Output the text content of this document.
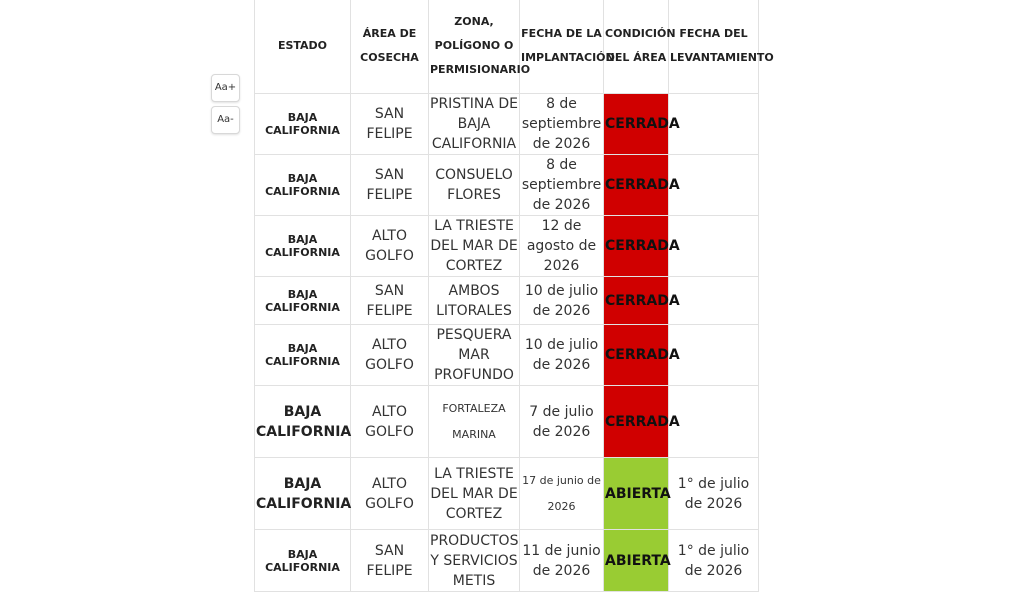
Aa+
Aa-
ESTADO	ÁREA DE COSECHA	ZONA, POLÍGONO O PERMISIONARIO	FECHA DE LA IMPLANTACIÓN	CONDICIÓN DEL ÁREA	FECHA DEL LEVANTAMIENTO
BAJA CALIFORNIA	SAN FELIPE	PRISTINA DE BAJA CALIFORNIA	8 de septiembre de 2026	CERRADA	
BAJA CALIFORNIA	SAN FELIPE	CONSUELO FLORES	8 de septiembre de 2026	CERRADA	
BAJA CALIFORNIA	ALTO GOLFO	LA TRIESTE DEL MAR DE CORTEZ	12 de agosto de 2026	CERRADA	
BAJA CALIFORNIA	SAN FELIPE	AMBOS LITORALES	10 de julio de 2026	CERRADA	
BAJA CALIFORNIA	ALTO GOLFO	PESQUERA MAR PROFUNDO	10 de julio de 2026	CERRADA	
BAJA CALIFORNIA	ALTO GOLFO	FORTALEZA MARINA	7 de julio de 2026	CERRADA	
BAJA CALIFORNIA	ALTO GOLFO	LA TRIESTE DEL MAR DE CORTEZ	17 de junio de 2026	ABIERTA	1° de julio de 2026
BAJA CALIFORNIA	SAN FELIPE	PRODUCTOS Y SERVICIOS METIS	11 de junio de 2026	ABIERTA	1° de julio de 2026
